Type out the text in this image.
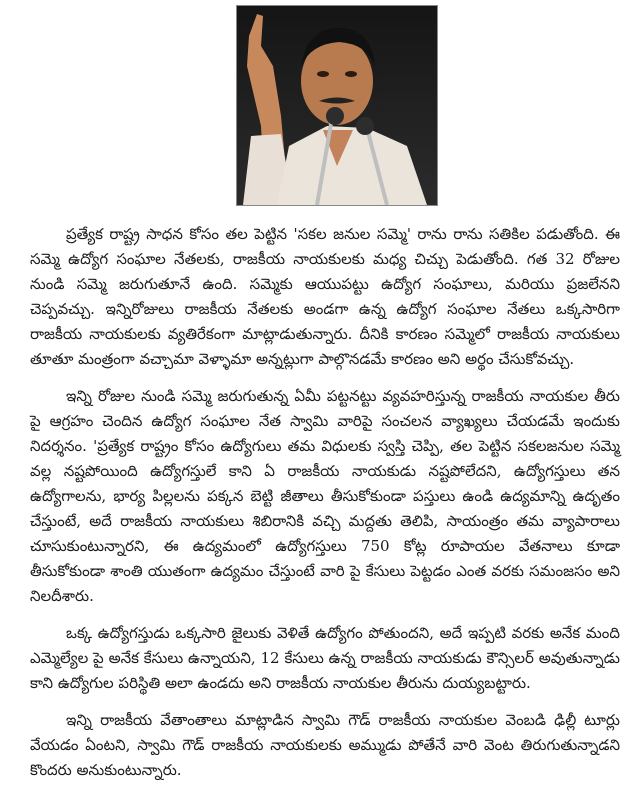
ప్రత్యేక రాష్ట్ర సాధన కోసం తల పెట్టిన 'సకల జనుల సమ్మె' రాను రాను సతికిల పడుతోంది. ఈ సమ్మె ఉద్యోగ సంఘాల నేతలకు, రాజకీయ నాయకులకు మధ్య చిచ్చు పెడుతోంది. గత 32 రోజుల నుండి సమ్మె జరుగుతూనే ఉంది. సమ్మెకు ఆయుపట్టు ఉద్యోగ సంఘాలు, మరియు ప్రజలేనని చెప్పవచ్చు. ఇన్నిరోజులు రాజకీయ నేతలకు అండగా ఉన్న ఉద్యోగ సంఘాల నేతలు ఒక్కసారిగా రాజకీయ నాయకులకు వ్యతిరేకంగా మాట్లాడుతున్నారు. దీనికి కారణం సమ్మెలో రాజకీయ నాయకులు తూతూ మంత్రంగా వచ్చామా వెళ్ళామా అన్నట్లుగా పాల్గొనడమే కారణం అని అర్థం చేసుకోవచ్చు.

ఇన్ని రోజుల నుండి సమ్మె జరుగుతున్న ఏమీ పట్టనట్టు వ్యవహరిస్తున్న రాజకీయ నాయకుల తీరు పై ఆగ్రహం చెందిన ఉద్యోగ సంఘాల నేత స్వామి వారిపై సంచలన వ్యాఖ్యలు చేయడమే ఇందుకు నిదర్శనం. 'ప్రత్యేక రాష్ట్రం కోసం ఉద్యోగులు తమ విధులకు స్వస్తి చెప్పి, తల పెట్టిన సకలజనుల సమ్మె వల్ల నష్టపోయింది ఉద్యోగస్తులే కాని ఏ రాజకీయ నాయకుడు నష్టపోలేదని, ఉద్యోగస్తులు తన ఉద్యోగాలను, భార్య పిల్లలను పక్కన బెట్టి జీతాలు తీసుకోకుండా పస్తులు ఉండి ఉద్యమాన్ని ఉదృతం చేస్తుంటే, అదే రాజకీయ నాయకులు శిబిరానికి వచ్చి మద్దతు తెలిపి, సాయంత్రం తమ వ్యాపారాలు చూసుకుంటున్నారని, ఈ ఉద్యమంలో ఉద్యోగస్తులు 750 కోట్ల రూపాయల వేతనాలు కూడా తీసుకోకుండా శాంతి యుతంగా ఉద్యమం చేస్తుంటే వారి పై కేసులు పెట్టడం ఎంత వరకు సమంజసం అని నిలదీశారు.

ఒక్క ఉద్యోగస్తుడు ఒక్కసారి జైలుకు వెళితే ఉద్యోగం పోతుందని, అదే ఇప్పటి వరకు అనేక మంది ఎమ్మెల్యేల పై అనేక కేసులు ఉన్నాయని, 12 కేసులు ఉన్న రాజకీయ నాయకుడు కౌన్సిలర్ అవుతున్నాడు కాని ఉద్యోగుల పరిస్థితి అలా ఉండదు అని రాజకీయ నాయకుల తీరును దుయ్యబట్టారు.

ఇన్ని రాజకీయ వేతాంతాలు మాట్లాడిన స్వామి గౌడ్ రాజకీయ నాయకుల వెంబడి ఢిల్లీ టూర్లు వేయడం ఏంటని, స్వామి గౌడ్ రాజకీయ నాయకులకు అమ్ముడు పోతేనే వారి వెంట తిరుగుతున్నాడని కొందరు అనుకుంటున్నారు.
